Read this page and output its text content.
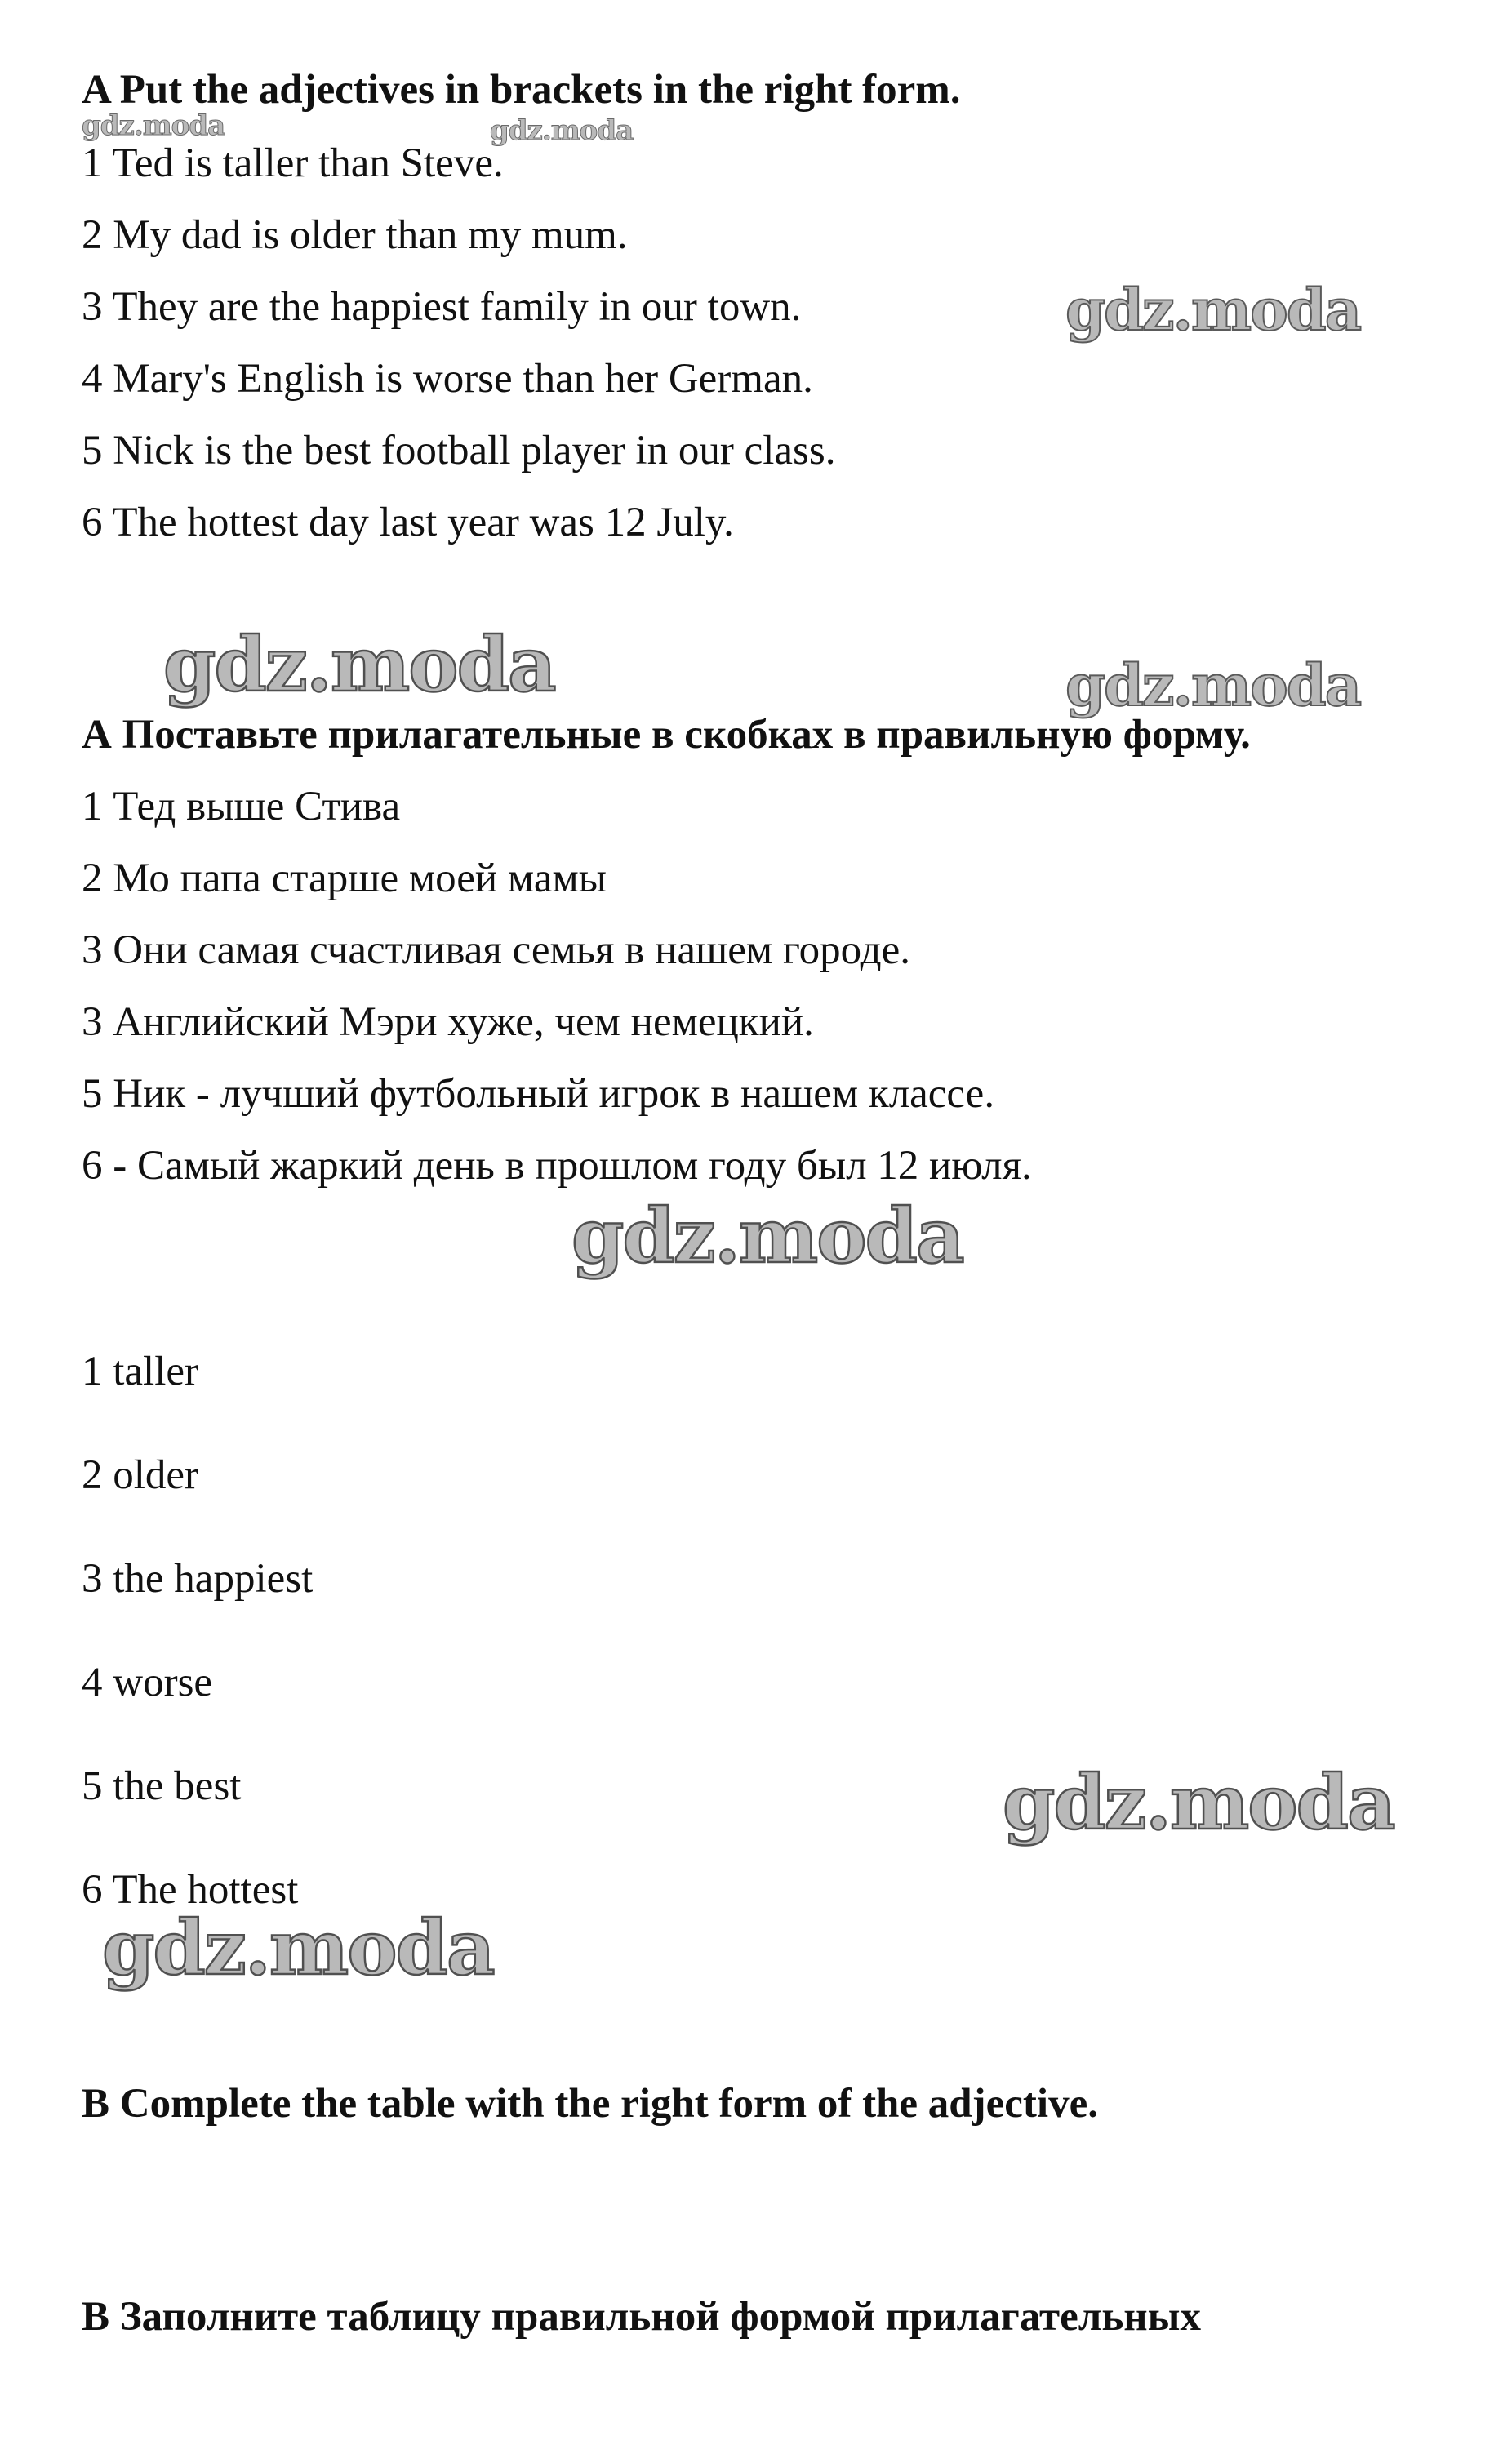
A Put the adjectives in brackets in the right form.

1 Ted is taller than Steve.

2 My dad is older than my mum.

3 They are the happiest family in our town.

4 Mary's English is worse than her German.

5 Nick is the best football player in our class.

6 The hottest day last year was 12 July.

А Поставьте прилагательные в скобках в правильную форму.

1 Тед выше Стива

2 Мо папа старше моей мамы

3 Они самая счастливая семья в нашем городе.

3 Английский Мэри хуже, чем немецкий.

5 Ник - лучший футбольный игрок в нашем классе.

6 - Самый жаркий день в прошлом году был 12 июля.

1 taller

2 older

3 the happiest

4 worse

5 the best

6 The hottest

B Complete the table with the right form of the adjective.

В Заполните таблицу правильной формой прилагательных

gdz.moda	gdz.moda
gdz.moda
gdz.moda	gdz.moda
gdz.moda
gdz.moda
gdz.moda
